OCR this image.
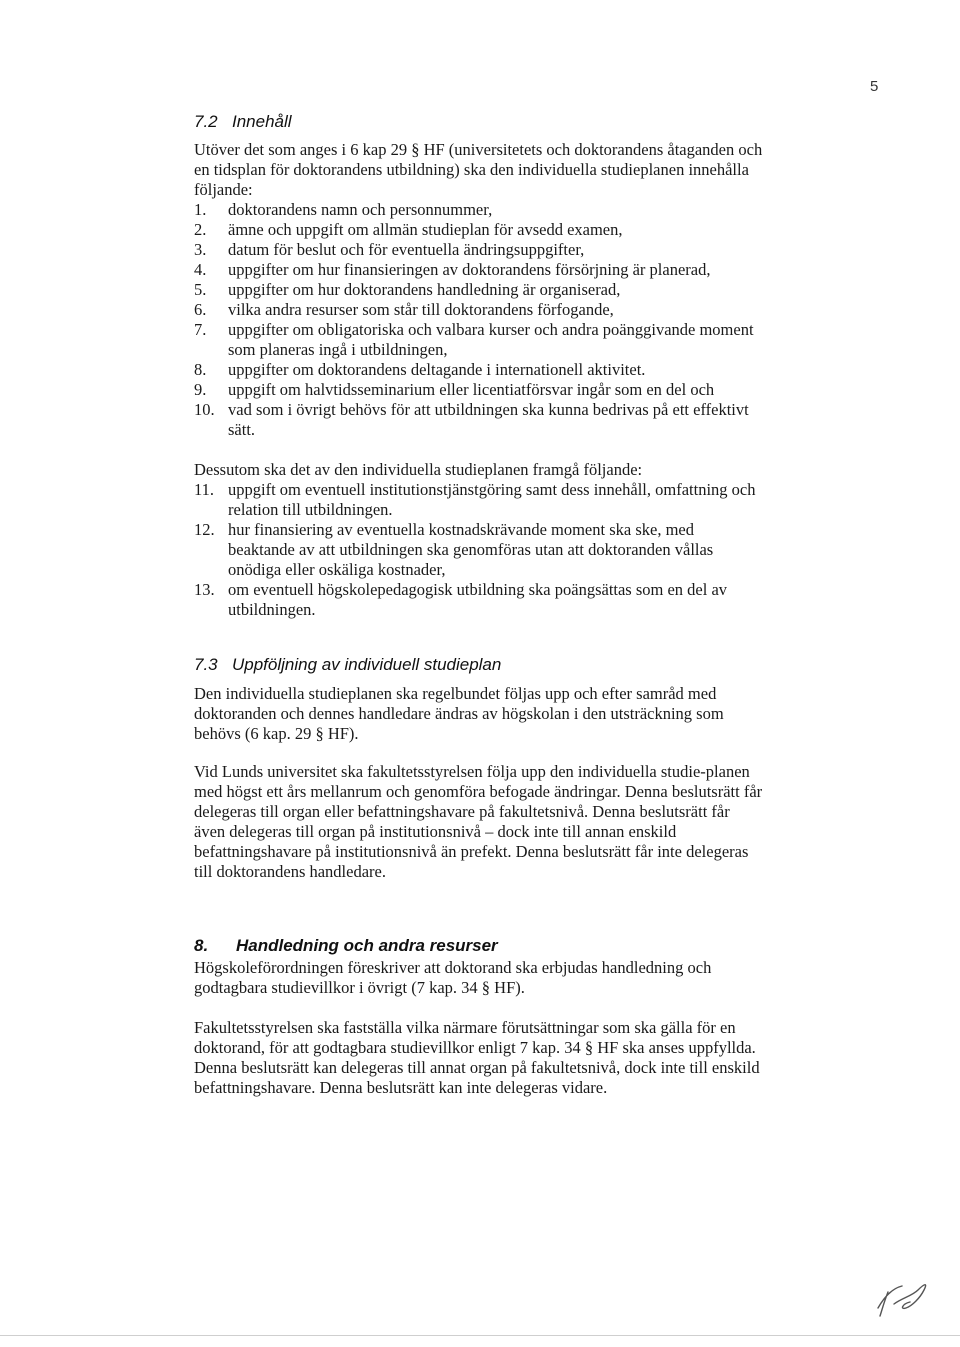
5
7.2 Innehåll

Utöver det som anges i 6 kap 29 § HF (universitetets och doktorandens åtaganden och en tidsplan för doktorandens utbildning) ska den individuella studieplanen innehålla följande:

1. doktorandens namn och personnummer,
2. ämne och uppgift om allmän studieplan för avsedd examen,
3. datum för beslut och för eventuella ändringsuppgifter,
4. uppgifter om hur finansieringen av doktorandens försörjning är planerad,
5. uppgifter om hur doktorandens handledning är organiserad,
6. vilka andra resurser som står till doktorandens förfogande,
7. uppgifter om obligatoriska och valbara kurser och andra poänggivande moment som planeras ingå i utbildningen,
8. uppgifter om doktorandens deltagande i internationell aktivitet.
9. uppgift om halvtidsseminarium eller licentiatförsvar ingår som en del och
10. vad som i övrigt behövs för att utbildningen ska kunna bedrivas på ett effektivt sätt.

Dessutom ska det av den individuella studieplanen framgå följande:

11. uppgift om eventuell institutionstjänstgöring samt dess innehåll, omfattning och relation till utbildningen.
12. hur finansiering av eventuella kostnadskrävande moment ska ske, med beaktande av att utbildningen ska genomföras utan att doktoranden vållas onödiga eller oskäliga kostnader,
13. om eventuell högskolepedagogisk utbildning ska poängsättas som en del av utbildningen.
7.3 Uppföljning av individuell studieplan

Den individuella studieplanen ska regelbundet följas upp och efter samråd med doktoranden och dennes handledare ändras av högskolan i den utsträckning som behövs (6 kap. 29 § HF).

Vid Lunds universitet ska fakultetsstyrelsen följa upp den individuella studie-planen med högst ett års mellanrum och genomföra befogade ändringar. Denna beslutsrätt får delegeras till organ eller befattningshavare på fakultetsnivå. Denna beslutsrätt får även delegeras till organ på institutionsnivå – dock inte till annan enskild befattningshavare på institutionsnivå än prefekt. Denna beslutsrätt får inte delegeras till doktorandens handledare.

8. Handledning och andra resurser

Högskoleförordningen föreskriver att doktorand ska erbjudas handledning och godtagbara studievillkor i övrigt (7 kap. 34 § HF).

Fakultetsstyrelsen ska fastställa vilka närmare förutsättningar som ska gälla för en doktorand, för att godtagbara studievillkor enligt 7 kap. 34 § HF ska anses uppfyllda. Denna beslutsrätt kan delegeras till annat organ på fakultetsnivå, dock inte till enskild befattningshavare. Denna beslutsrätt kan inte delegeras vidare.
